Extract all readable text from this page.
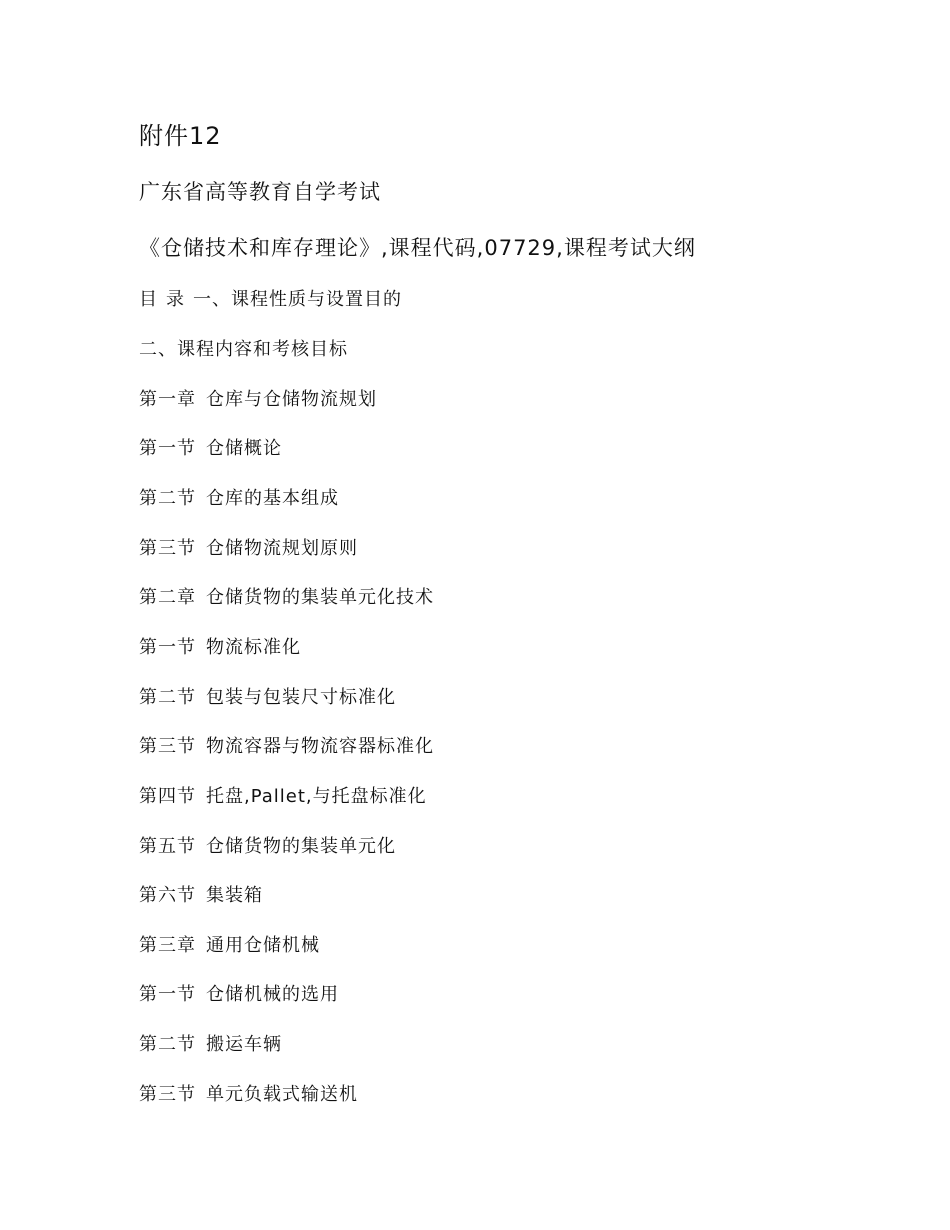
附件12
广东省高等教育自学考试
《仓储技术和库存理论》,课程代码,07729,课程考试大纲
目 录 一、课程性质与设置目的
二、课程内容和考核目标
第一章 仓库与仓储物流规划
第一节 仓储概论
第二节 仓库的基本组成
第三节 仓储物流规划原则
第二章 仓储货物的集装单元化技术
第一节 物流标准化
第二节 包装与包装尺寸标准化
第三节 物流容器与物流容器标准化
第四节 托盘,Pallet,与托盘标准化
第五节 仓储货物的集装单元化
第六节 集装箱
第三章 通用仓储机械
第一节 仓储机械的选用
第二节 搬运车辆
第三节 单元负载式输送机
